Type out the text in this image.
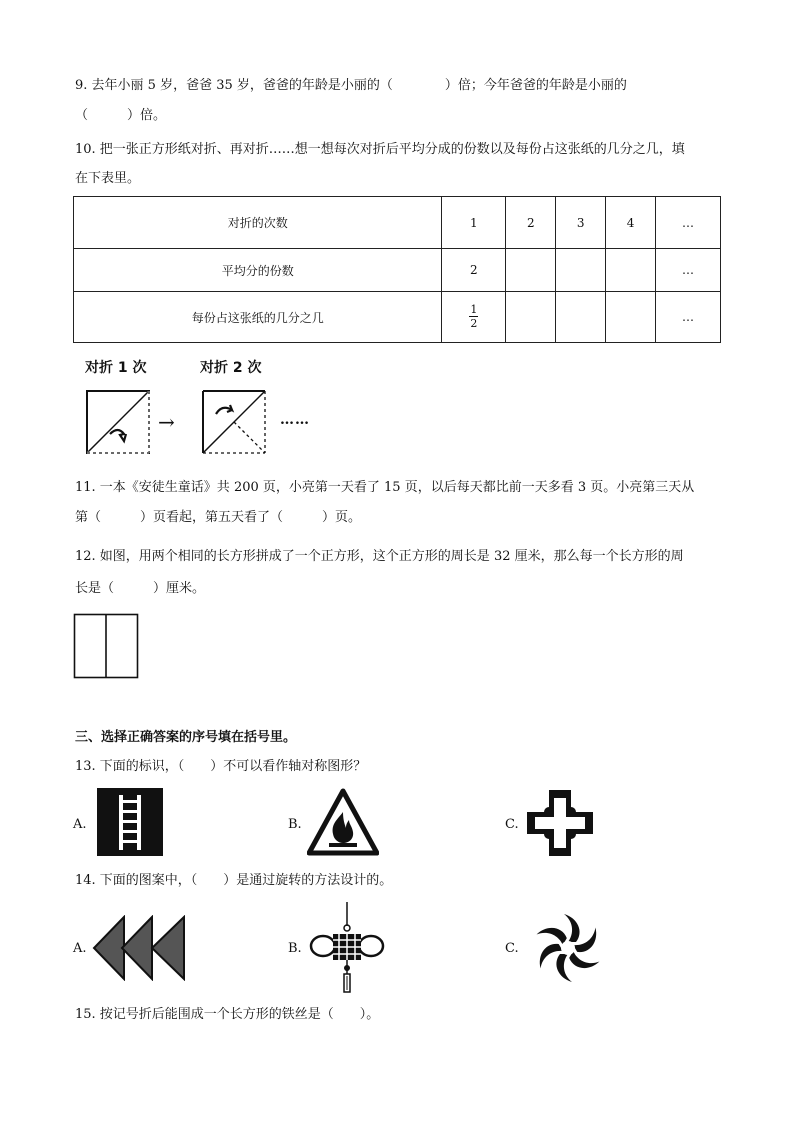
9. 去年小丽 5 岁，爸爸 35 岁，爸爸的年龄是小丽的（　　　　）倍；今年爸爸的年龄是小丽的
（　　　）倍。
10. 把一张正方形纸对折、再对折……想一想每次对折后平均分成的份数以及每份占这张纸的几分之几，填
在下表里。
对折的次数	1	2	3	4	…
平均分的份数	2				…
每份占这张纸的几分之几	$\frac{1}{2}$				…
对折 1 次	对折 2 次
→	……
11. 一本《安徒生童话》共 200 页，小亮第一天看了 15 页，以后每天都比前一天多看 3 页。小亮第三天从
第（　　　）页看起，第五天看了（　　　）页。
12. 如图，用两个相同的长方形拼成了一个正方形，这个正方形的周长是 32 厘米，那么每一个长方形的周
长是（　　　）厘米。
三、选择正确答案的序号填在括号里。
13. 下面的标识，（　　）不可以看作轴对称图形？
A.	B.	C.
14. 下面的图案中，（　　）是通过旋转的方法设计的。
A.	B.	C.
15. 按记号折后能围成一个长方形的铁丝是（　　）。
